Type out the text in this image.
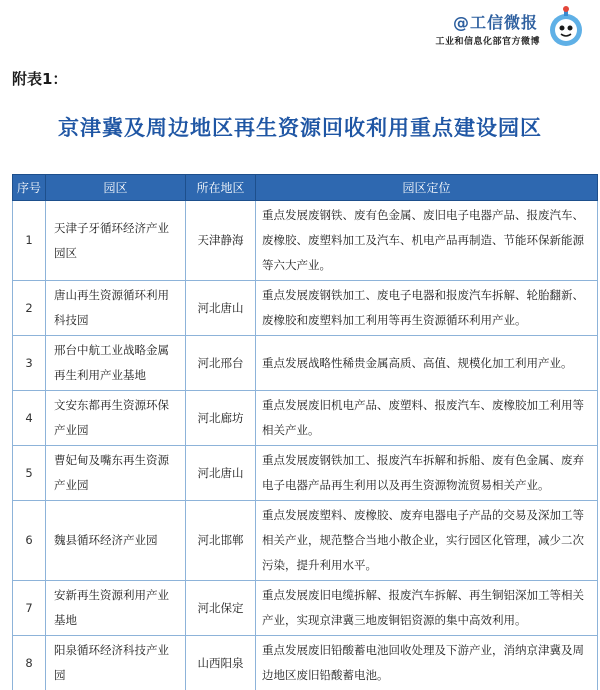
@工信微报
工业和信息化部官方微博
附表1：
京津冀及周边地区再生资源回收利用重点建设园区
序号	园区	所在地区	园区定位
1	天津子牙循环经济产业园区	天津静海	重点发展废钢铁、废有色金属、废旧电子电器产品、报废汽车、废橡胶、废塑料加工及汽车、机电产品再制造、节能环保新能源等六大产业。
2	唐山再生资源循环利用科技园	河北唐山	重点发展废钢铁加工、废电子电器和报废汽车拆解、轮胎翻新、废橡胶和废塑料加工利用等再生资源循环利用产业。
3	邢台中航工业战略金属再生利用产业基地	河北邢台	重点发展战略性稀贵金属高质、高值、规模化加工利用产业。
4	文安东都再生资源环保产业园	河北廊坊	重点发展废旧机电产品、废塑料、报废汽车、废橡胶加工利用等相关产业。
5	曹妃甸及嘴东再生资源产业园	河北唐山	重点发展废钢铁加工、报废汽车拆解和拆船、废有色金属、废弃电子电器产品再生利用以及再生资源物流贸易相关产业。
6	魏县循环经济产业园	河北邯郸	重点发展废塑料、废橡胶、废弃电器电子产品的交易及深加工等相关产业，规范整合当地小散企业，实行园区化管理，减少二次污染，提升利用水平。
7	安新再生资源利用产业基地	河北保定	重点发展废旧电缆拆解、报废汽车拆解、再生铜铝深加工等相关产业，实现京津冀三地废铜铝资源的集中高效利用。
8	阳泉循环经济科技产业园	山西阳泉	重点发展废旧铅酸蓄电池回收处理及下游产业，消纳京津冀及周边地区废旧铅酸蓄电池。
